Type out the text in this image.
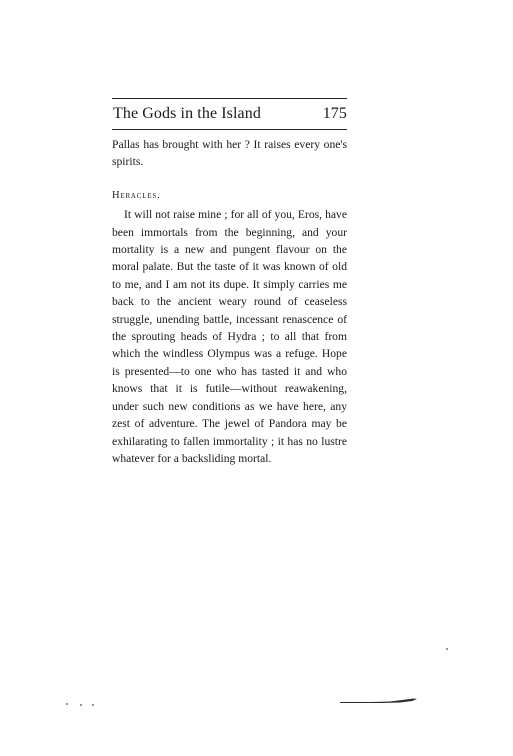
The Gods in the Island	175

Pallas has brought with her ? It raises every one's spirits.

Heracles.

It will not raise mine ; for all of you, Eros, have been immortals from the beginning, and your mortality is a new and pungent flavour on the moral palate. But the taste of it was known of old to me, and I am not its dupe. It simply carries me back to the ancient weary round of ceaseless struggle, unending battle, incessant renascence of the sprouting heads of Hydra ; to all that from which the windless Olympus was a refuge. Hope is presented—to one who has tasted it and who knows that it is futile—without reawakening, under such new conditions as we have here, any zest of adventure. The jewel of Pandora may be exhilarating to fallen immortality ; it has no lustre whatever for a backsliding mortal.
